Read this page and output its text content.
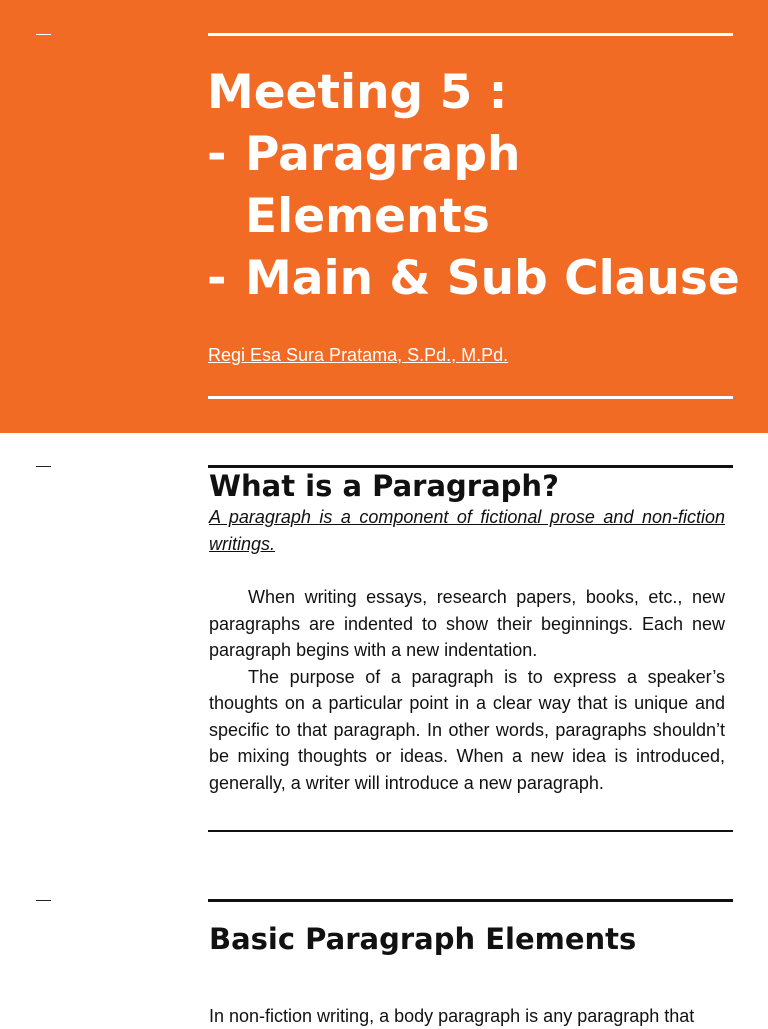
Meeting 5 :
- Paragraph
Elements
- Main & Sub Clause
Regi Esa Sura Pratama, S.Pd., M.Pd.
What is a Paragraph?
A paragraph is a component of fictional prose and non-fiction writings.

When writing essays, research papers, books, etc., new paragraphs are indented to show their beginnings. Each new paragraph begins with a new indentation.

The purpose of a paragraph is to express a speaker’s thoughts on a particular point in a clear way that is unique and specific to that paragraph. In other words, paragraphs shouldn’t be mixing thoughts or ideas. When a new idea is introduced, generally, a writer will introduce a new paragraph.

Basic Paragraph Elements
In non-fiction writing, a body paragraph is any paragraph that
